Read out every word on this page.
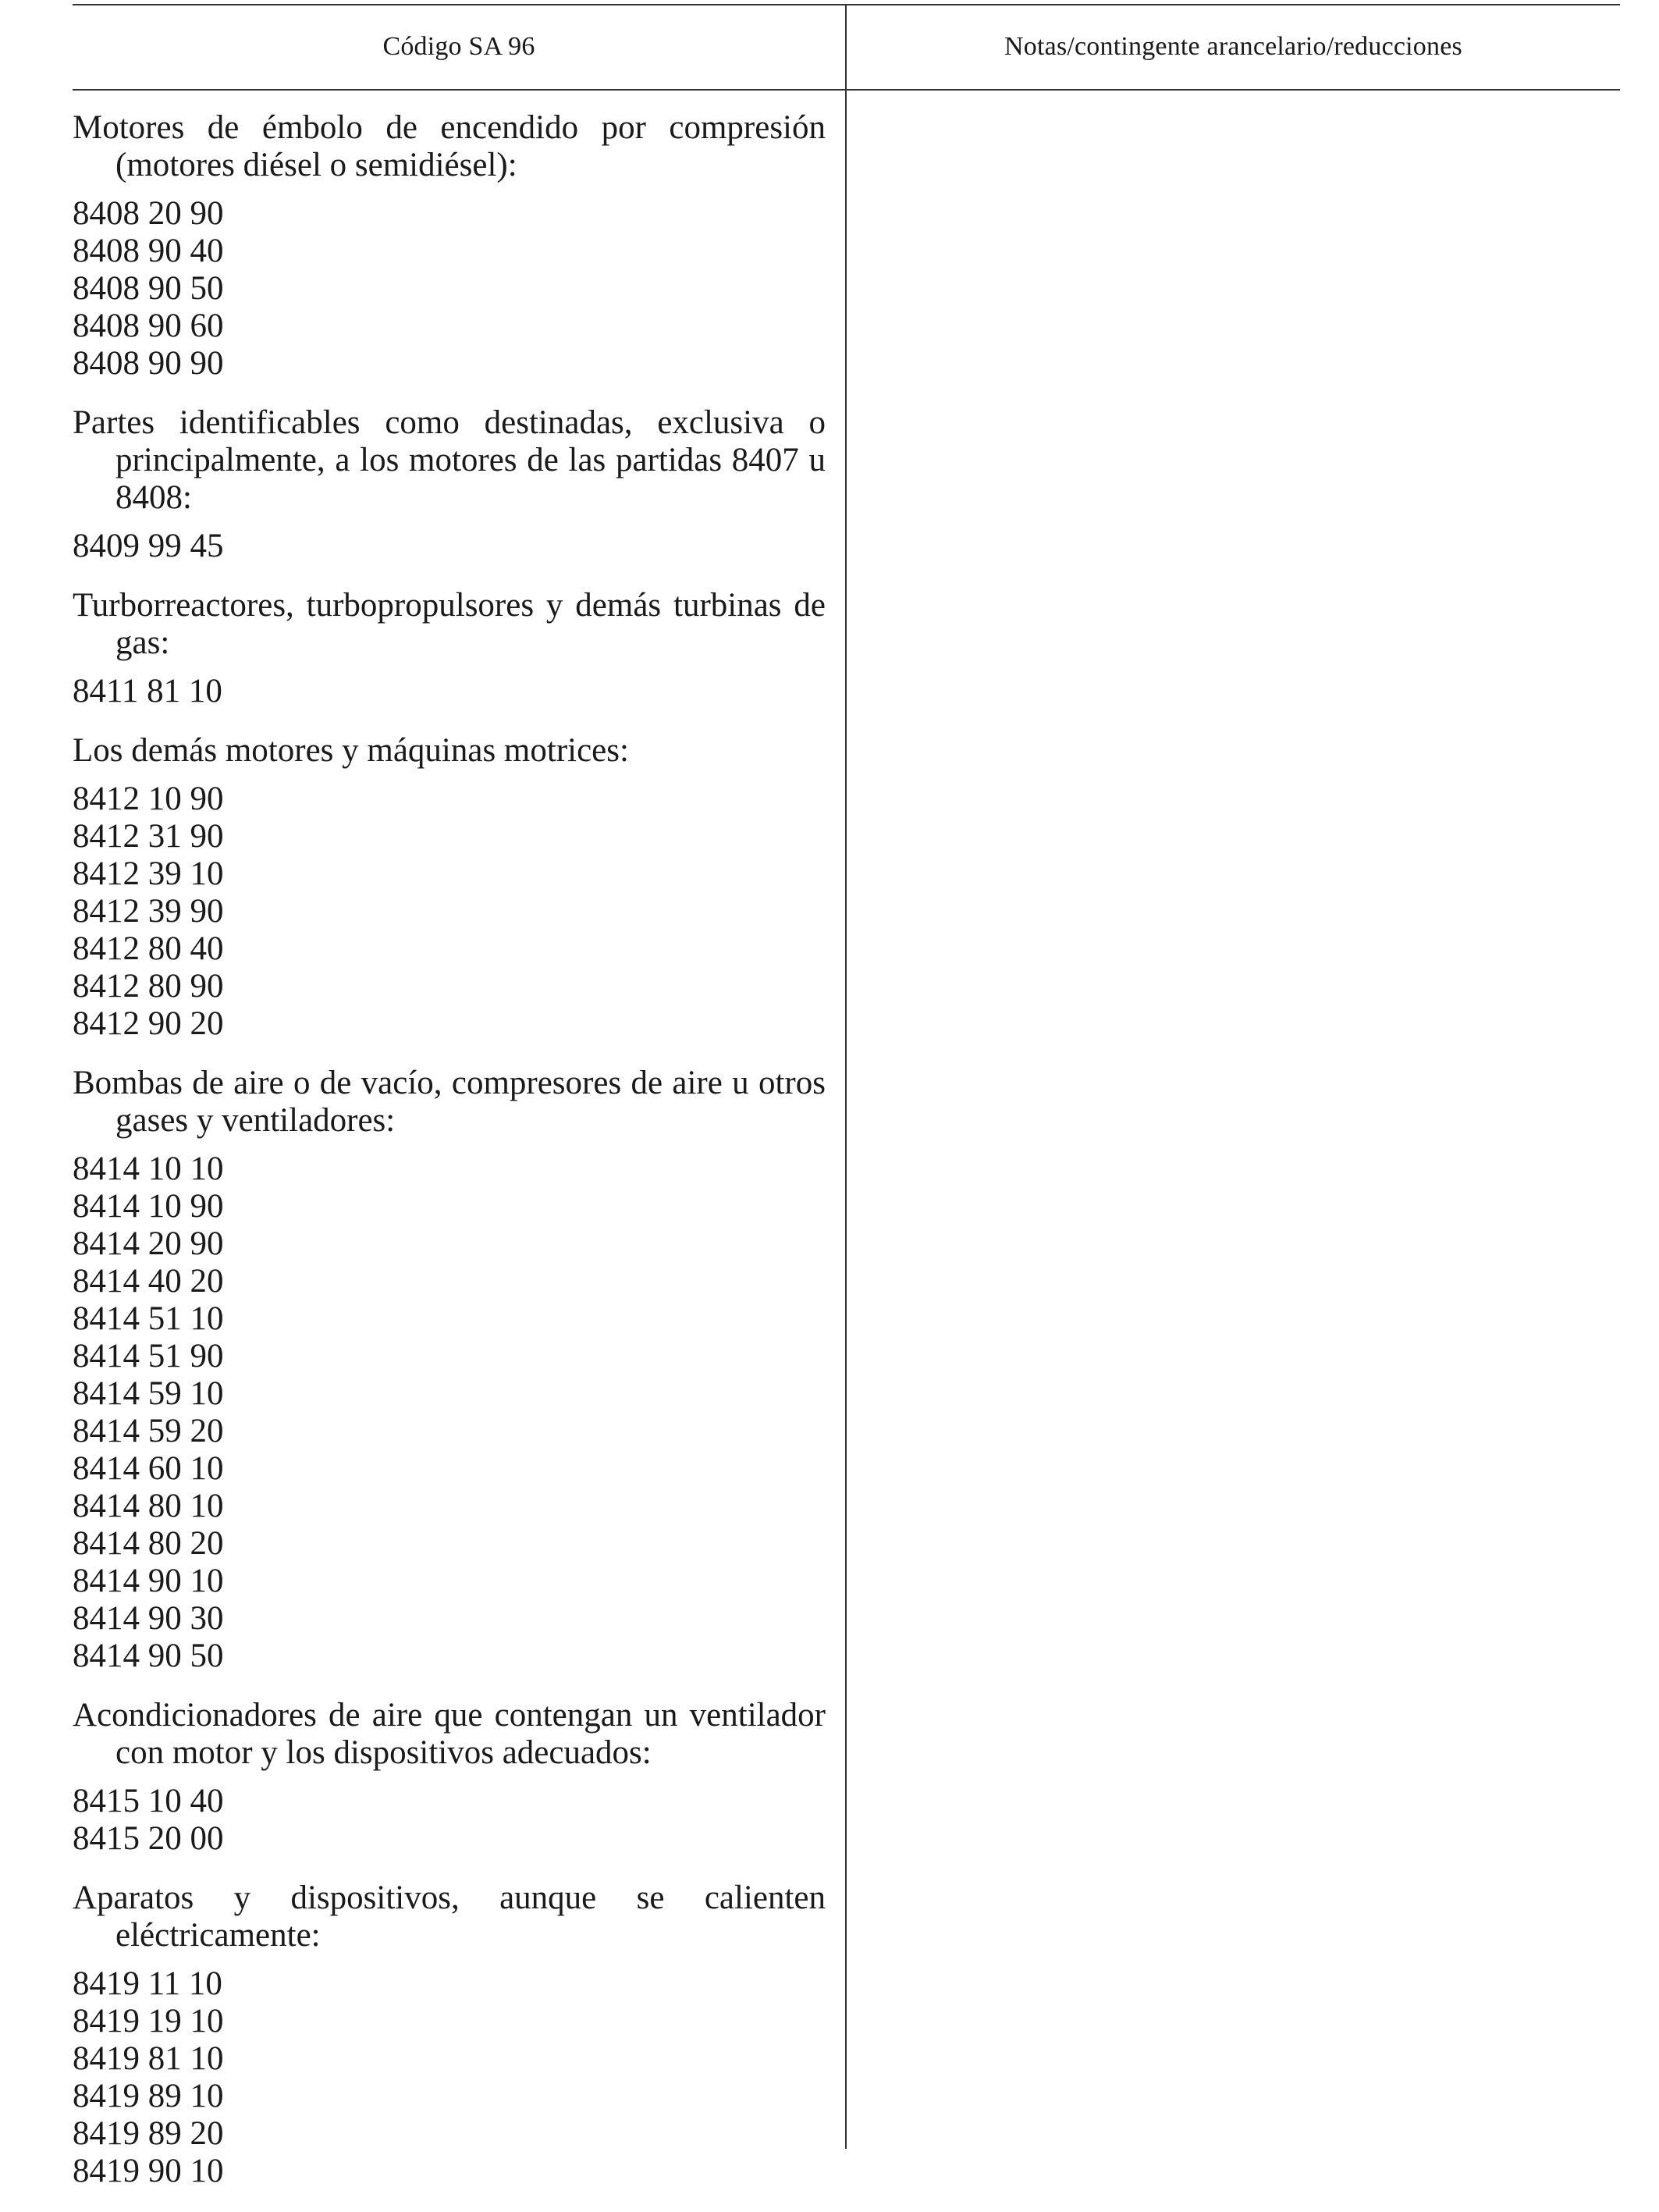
Código SA 96	Notas/contingente arancelario/reducciones

Motores de émbolo de encendido por compresión (motores diésel o semidiésel):

8408 20 90
8408 90 40
8408 90 50
8408 90 60
8408 90 90

Partes identificables como destinadas, exclusiva o principalmente, a los motores de las partidas 8407 u 8408:

8409 99 45

Turborreactores, turbopropulsores y demás turbinas de gas:

8411 81 10

Los demás motores y máquinas motrices:

8412 10 90
8412 31 90
8412 39 10
8412 39 90
8412 80 40
8412 80 90
8412 90 20

Bombas de aire o de vacío, compresores de aire u otros gases y ventiladores:

8414 10 10
8414 10 90
8414 20 90
8414 40 20
8414 51 10
8414 51 90
8414 59 10
8414 59 20
8414 60 10
8414 80 10
8414 80 20
8414 90 10
8414 90 30
8414 90 50

Acondicionadores de aire que contengan un ventilador con motor y los dispositivos adecuados:

8415 10 40
8415 20 00

Aparatos y dispositivos, aunque se calienten eléctricamente:

8419 11 10
8419 19 10
8419 81 10
8419 89 10
8419 89 20
8419 90 10
